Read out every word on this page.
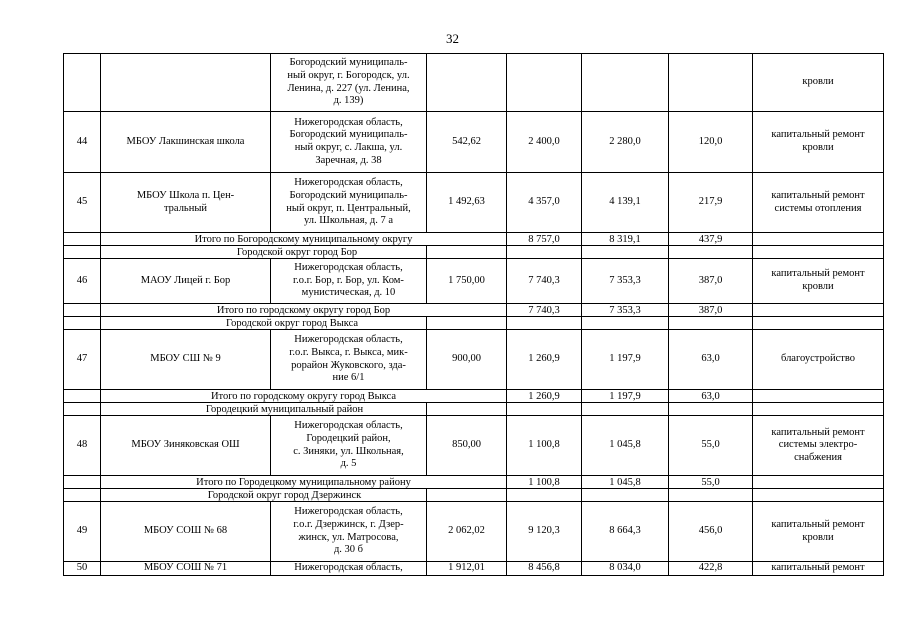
32
		Богородский муниципаль-
ный округ, г. Богородск, ул.
Ленина, д. 227 (ул. Ленина,
д. 139)					кровли
44	МБОУ Лакшинская школа	Нижегородская область,
Богородский муниципаль-
ный округ, с. Лакша, ул.
Заречная, д. 38	542,62	2 400,0	2 280,0	120,0	капитальный ремонт
кровли
45	МБОУ Школа п. Цен-
тральный	Нижегородская область,
Богородский муниципаль-
ный округ, п. Центральный,
ул. Школьная, д. 7 а	1 492,63	4 357,0	4 139,1	217,9	капитальный ремонт
системы отопления
	Итого по Богородскому муниципальному округу			8 757,0	8 319,1	437,9	
	Городской округ город Бор						
46	МАОУ Лицей г. Бор	Нижегородская область,
г.о.г. Бор, г. Бор, ул. Ком-
мунистическая, д. 10	1 750,00	7 740,3	7 353,3	387,0	капитальный ремонт
кровли
	Итого по городскому округу город Бор			7 740,3	7 353,3	387,0	
	Городской округ город Выкса						
47	МБОУ СШ № 9	Нижегородская область,
г.о.г. Выкса, г. Выкса, мик-
рорайон Жуковского, зда-
ние 6/1	900,00	1 260,9	1 197,9	63,0	благоустройство
	Итого по городскому округу город Выкса			1 260,9	1 197,9	63,0	
	Городецкий муниципальный район						
48	МБОУ Зиняковская ОШ	Нижегородская область,
Городецкий район,
с. Зиняки, ул. Школьная,
д. 5	850,00	1 100,8	1 045,8	55,0	капитальный ремонт
системы электро-
снабжения
	Итого по Городецкому муниципальному району			1 100,8	1 045,8	55,0	
	Городской округ город Дзержинск						
49	МБОУ СОШ № 68	Нижегородская область,
г.о.г. Дзержинск, г. Дзер-
жинск, ул. Матросова,
д. 30 б	2 062,02	9 120,3	8 664,3	456,0	капитальный ремонт
кровли
50	МБОУ СОШ № 71	Нижегородская область,	1 912,01	8 456,8	8 034,0	422,8	капитальный ремонт
